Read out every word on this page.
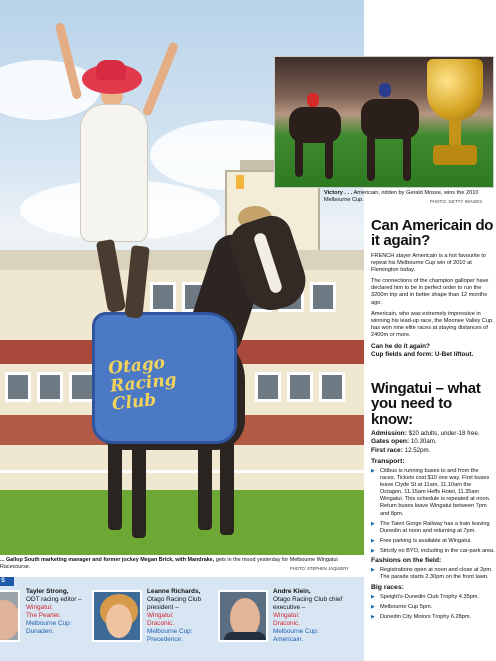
Otago Racing Club
Victory . . . Americain, ridden by Gerald Mosse, wins the 2010 Melbourne Cup.	PHOTO: GETTY IMAGES
Can Americain do it again?
FRENCH stayer Americain is a hot favourite to repeat his Melbourne Cup win of 2010 at Flemington today.
The connections of the champion galloper have declared him to be in perfect order to run the 3200m trip and in better shape than 12 months ago.
Americain, who was extremely impressive in winning his lead-up race, the Moonee Valley Cup, has won nine elite races at staying distances of 2400m or more.
Can he do it again?
Cup fields and form: U-Bet liftout.
Wingatui – what you need to know:
Admission: $20 adults, under-18 free.
Gates open: 10.30am.
First race: 12.52pm.
Transport:
▶ Citibus is running buses to and from the races. Tickets cost $10 one way. First buses leave Clyde St at 11am, 11.10am the Octagon, 11.15am Heffs Hotel, 11.35am Wingatui. This schedule is repeated at noon. Return buses leave Wingatui between 7pm and 8pm.
▶ The Taieri Gorge Railway has a train leaving Dunedin at noon and returning at 7pm.
▶ Free parking is available at Wingatui.
▶ Strictly no BYO, including in the car-park area.
Fashions on the field:
▶ Registrations open at noon and close at 2pm. The parade starts 2.30pm on the front lawn.
Big races:
▶ Speight's-Dunedin Club Trophy 4.35pm.
▶ Melbourne Cup 5pm.
▶ Dunedin City Motors Trophy 6.28pm.
... Gallop South marketing manager and former jockey Megan Brick, with Mandrake, gets in the mood yesterday for Melbourne Wingatui Racecourse.	PHOTO: STEPHEN JAQUIERY
S
Tayler Strong,
ODT racing editor –
Wingatui:
The Pearler.
Melbourne Cup:
Dunaden.
Leanne Richards,
Otago Racing Club president –
Wingatui:
Draconic.
Melbourne Cup:
Precedence.
Andre Klein,
Otago Racing Club chief executive –
Wingatui:
Draconic.
Melbourne Cup:
Americain.
